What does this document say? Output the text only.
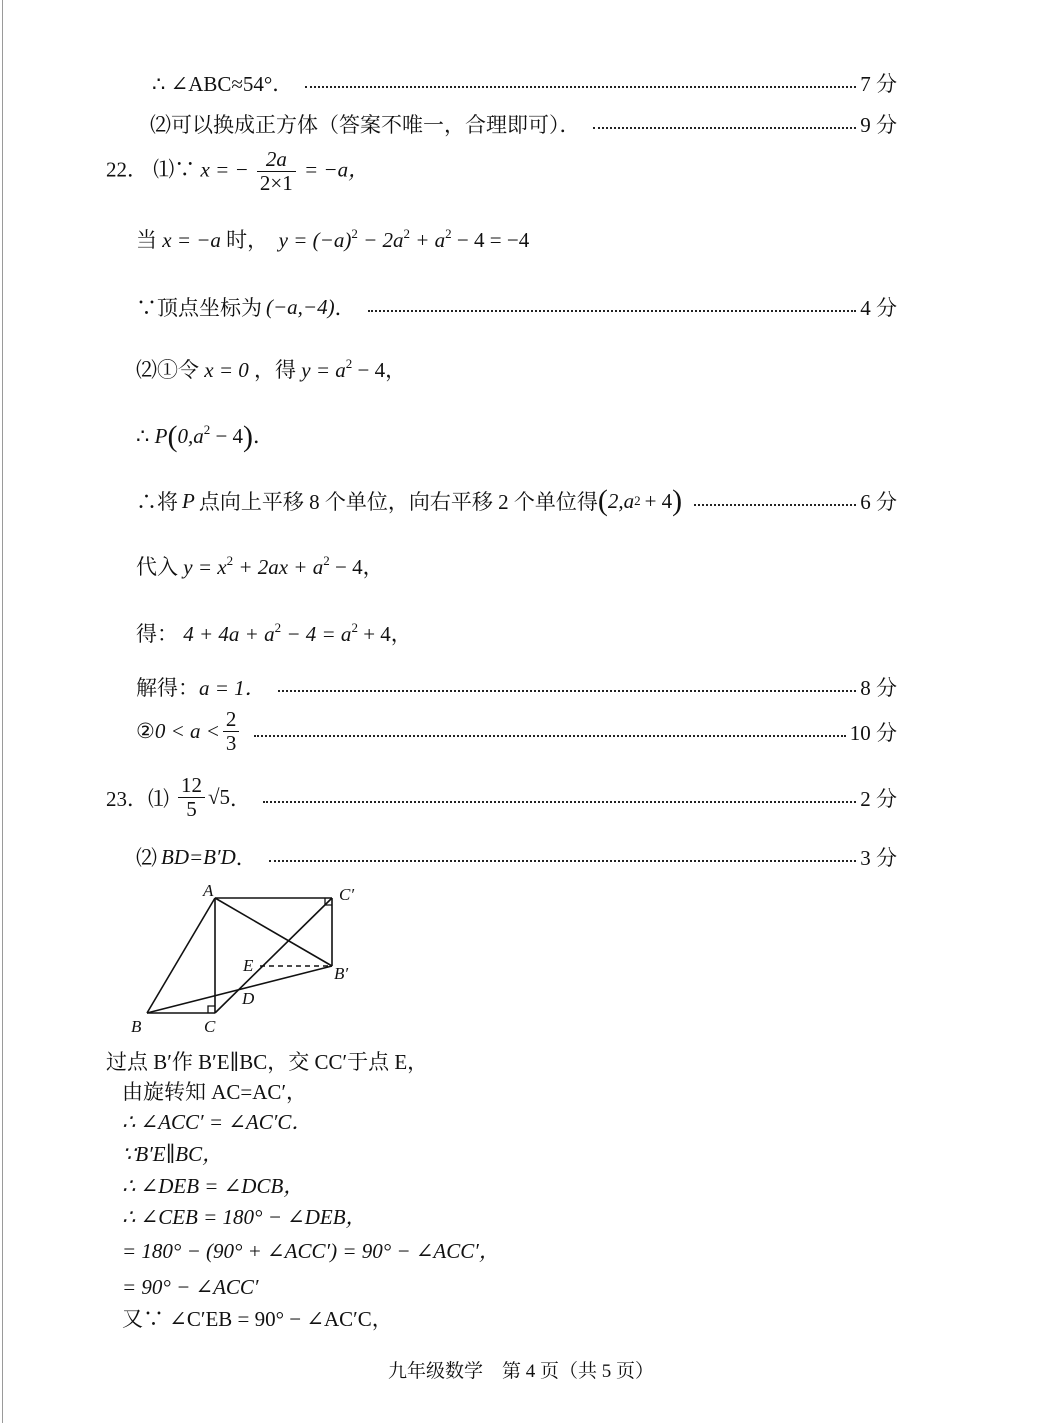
∴ ∠ABC≈54°．	7 分
⑵可以换成正方体（答案不唯一，合理即可）．	9 分
22． ⑴∵ x = − $\frac{2a}{2\times 1} = -a$，
当 x = −a 时， $y = (-a)^2 - 2a^2 + a^2 - 4 = -4$
∵顶点坐标为 (−a,−4) ．	4 分
⑵①令 x = 0 ，得 $y = a^2 - 4$，
∴ $P(0,a^2 - 4)$．
∴将 P 点向上平移 8 个单位，向右平移 2 个单位得 ( 2,a 2 + 4 )	6 分
代入 $y = x^2 + 2ax + a^2 - 4$，
得： $4 + 4a + a^2 - 4 = a^2 + 4$，
解得： a = 1．	8 分
② $0 < a < \frac{2}{3}$	10 分
23． ⑴ $\frac{12}{5} √5$ ．	2 分
⑵ BD=B′D ．	3 分
A	C′
E	B′
D
B	C
过点 B′作 B′E∥BC，交 CC′于点 E，
由旋转知 AC=AC′，
∴ ∠ACC′ = ∠AC′C．
∵B′E∥BC，
∴ ∠DEB = ∠DCB，
∴ ∠CEB = 180° − ∠DEB，
= 180° − (90° + ∠ACC′) = 90° − ∠ACC′，
= 90° − ∠ACC′
又∵ ∠C′EB = 90° − ∠AC′C，
九年级数学　第 4 页（共 5 页）
